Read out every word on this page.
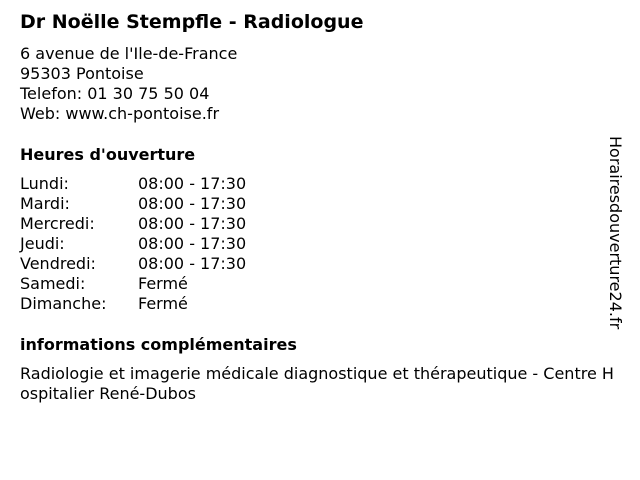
Dr Noëlle Stempfle - Radiologue
6 avenue de l'Ile-de-France
95303 Pontoise
Telefon: 01 30 75 50 04
Web: www.ch-pontoise.fr
Heures d'ouverture
Lundi:	08:00 - 17:30
Mardi:	08:00 - 17:30
Mercredi:	08:00 - 17:30
Jeudi:	08:00 - 17:30
Vendredi:	08:00 - 17:30
Samedi:	Fermé
Dimanche:	Fermé
informations complémentaires
Radiologie et imagerie médicale diagnostique et thérapeutique - Centre Hospitalier René-Dubos
Horairesdouverture24.fr
